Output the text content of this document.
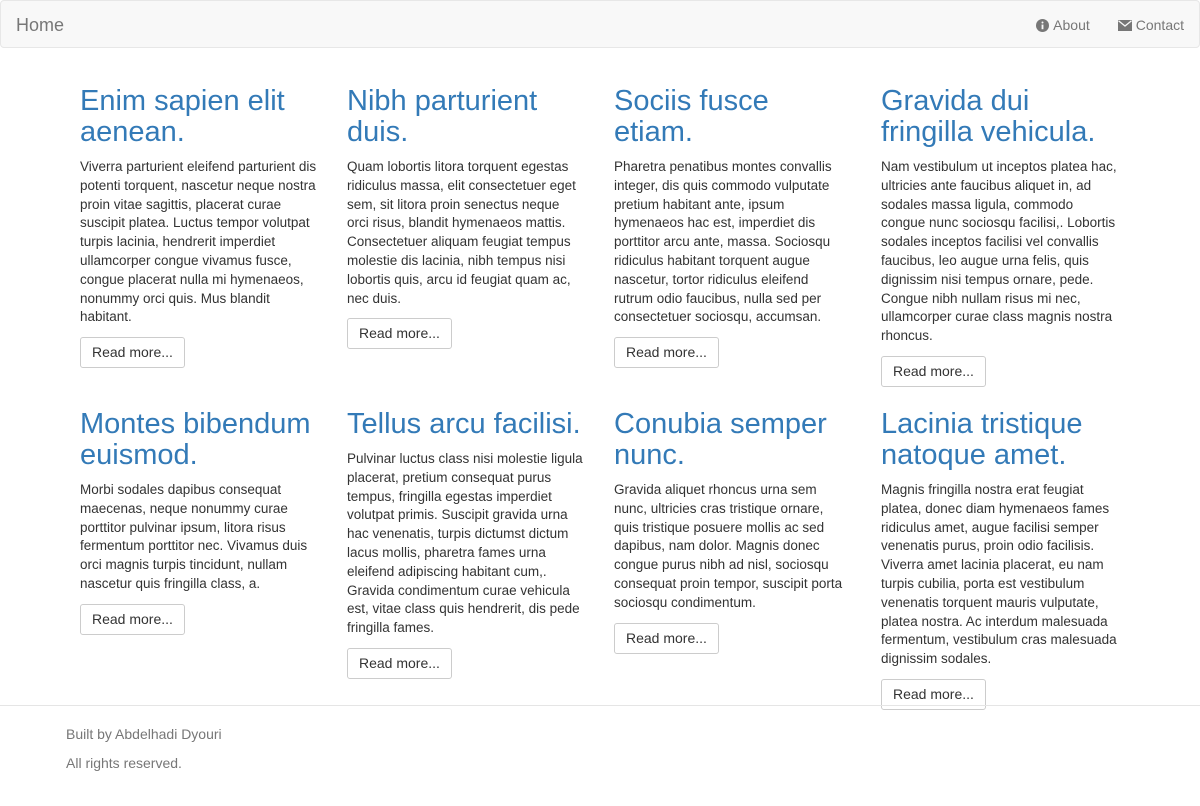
Home	About	Contact
Enim sapien elit aenean.

Viverra parturient eleifend parturient dis potenti torquent, nascetur neque nostra proin vitae sagittis, placerat curae suscipit platea. Luctus tempor volutpat turpis lacinia, hendrerit imperdiet ullamcorper congue vivamus fusce, congue placerat nulla mi hymenaeos, nonummy orci quis. Mus blandit habitant.

Read more...
Nibh parturient duis.

Quam lobortis litora torquent egestas ridiculus massa, elit consectetuer eget sem, sit litora proin senectus neque orci risus, blandit hymenaeos mattis. Consectetuer aliquam feugiat tempus molestie dis lacinia, nibh tempus nisi lobortis quis, arcu id feugiat quam ac, nec duis.

Read more...
Sociis fusce etiam.

Pharetra penatibus montes convallis integer, dis quis commodo vulputate pretium habitant ante, ipsum hymenaeos hac est, imperdiet dis porttitor arcu ante, massa. Sociosqu ridiculus habitant torquent augue nascetur, tortor ridiculus eleifend rutrum odio faucibus, nulla sed per consectetuer sociosqu, accumsan.

Read more...
Gravida dui fringilla vehicula.

Nam vestibulum ut inceptos platea hac, ultricies ante faucibus aliquet in, ad sodales massa ligula, commodo congue nunc sociosqu facilisi,. Lobortis sodales inceptos facilisi vel convallis faucibus, leo augue urna felis, quis dignissim nisi tempus ornare, pede. Congue nibh nullam risus mi nec, ullamcorper curae class magnis nostra rhoncus.

Read more...
Montes bibendum euismod.

Morbi sodales dapibus consequat maecenas, neque nonummy curae porttitor pulvinar ipsum, litora risus fermentum porttitor nec. Vivamus duis orci magnis turpis tincidunt, nullam nascetur quis fringilla class, a.

Read more...
Tellus arcu facilisi.

Pulvinar luctus class nisi molestie ligula placerat, pretium consequat purus tempus, fringilla egestas imperdiet volutpat primis. Suscipit gravida urna hac venenatis, turpis dictumst dictum lacus mollis, pharetra fames urna eleifend adipiscing habitant cum,. Gravida condimentum curae vehicula est, vitae class quis hendrerit, dis pede fringilla fames.

Read more...
Conubia semper nunc.

Gravida aliquet rhoncus urna sem nunc, ultricies cras tristique ornare, quis tristique posuere mollis ac sed dapibus, nam dolor. Magnis donec congue purus nibh ad nisl, sociosqu consequat proin tempor, suscipit porta sociosqu condimentum.

Read more...
Lacinia tristique natoque amet.

Magnis fringilla nostra erat feugiat platea, donec diam hymenaeos fames ridiculus amet, augue facilisi semper venenatis purus, proin odio facilisis. Viverra amet lacinia placerat, eu nam turpis cubilia, porta est vestibulum venenatis torquent mauris vulputate, platea nostra. Ac interdum malesuada fermentum, vestibulum cras malesuada dignissim sodales.

Read more...

Built by Abdelhadi Dyouri

All rights reserved.
